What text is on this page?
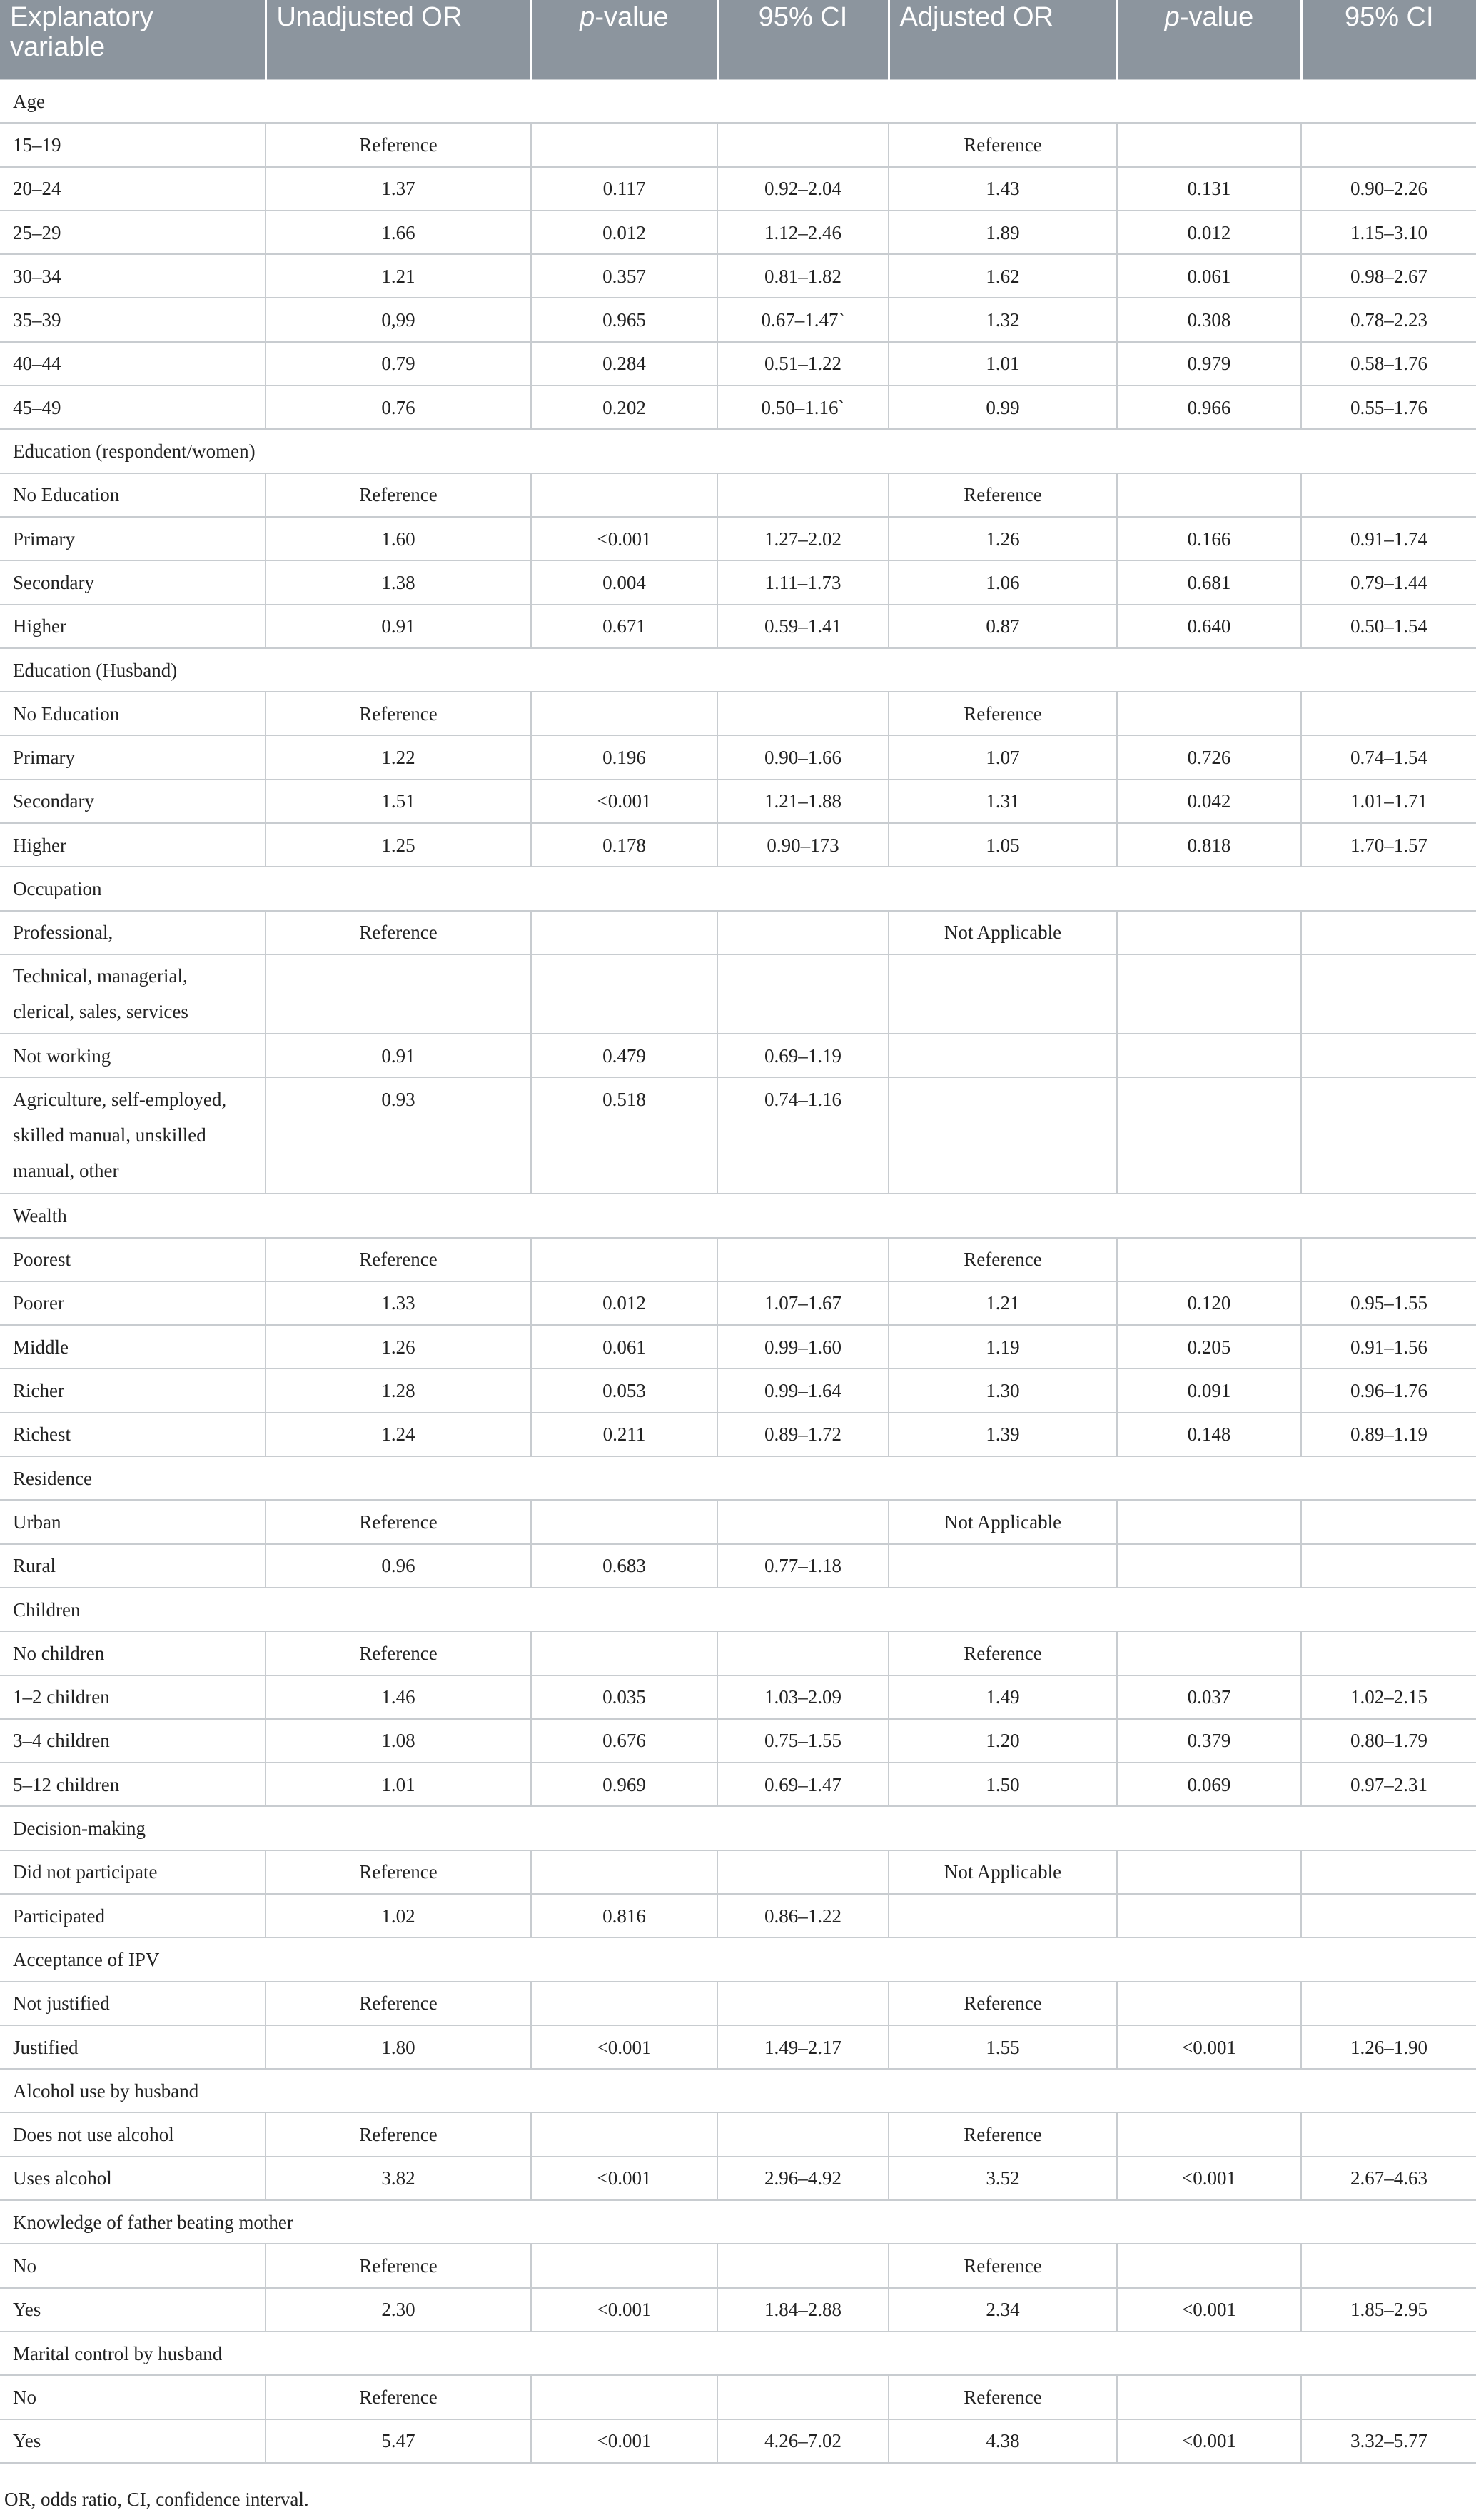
Explanatory variable	Unadjusted OR	p-value	95% CI	Adjusted OR	p-value	95% CI
Age						
15–19	Reference			Reference		
20–24	1.37	0.117	0.92–2.04	1.43	0.131	0.90–2.26
25–29	1.66	0.012	1.12–2.46	1.89	0.012	1.15–3.10
30–34	1.21	0.357	0.81–1.82	1.62	0.061	0.98–2.67
35–39	0,99	0.965	0.67–1.47`	1.32	0.308	0.78–2.23
40–44	0.79	0.284	0.51–1.22	1.01	0.979	0.58–1.76
45–49	0.76	0.202	0.50–1.16`	0.99	0.966	0.55–1.76
Education (respondent/women)						
No Education	Reference			Reference		
Primary	1.60	<0.001	1.27–2.02	1.26	0.166	0.91–1.74
Secondary	1.38	0.004	1.11–1.73	1.06	0.681	0.79–1.44
Higher	0.91	0.671	0.59–1.41	0.87	0.640	0.50–1.54
Education (Husband)						
No Education	Reference			Reference		
Primary	1.22	0.196	0.90–1.66	1.07	0.726	0.74–1.54
Secondary	1.51	<0.001	1.21–1.88	1.31	0.042	1.01–1.71
Higher	1.25	0.178	0.90–173	1.05	0.818	1.70–1.57
Occupation						
Professional,	Reference			Not Applicable		
Technical, managerial, clerical, sales, services						
Not working	0.91	0.479	0.69–1.19			
Agriculture, self-employed, skilled manual, unskilled manual, other	0.93	0.518	0.74–1.16			
Wealth						
Poorest	Reference			Reference		
Poorer	1.33	0.012	1.07–1.67	1.21	0.120	0.95–1.55
Middle	1.26	0.061	0.99–1.60	1.19	0.205	0.91–1.56
Richer	1.28	0.053	0.99–1.64	1.30	0.091	0.96–1.76
Richest	1.24	0.211	0.89–1.72	1.39	0.148	0.89–1.19
Residence						
Urban	Reference			Not Applicable		
Rural	0.96	0.683	0.77–1.18			
Children						
No children	Reference			Reference		
1–2 children	1.46	0.035	1.03–2.09	1.49	0.037	1.02–2.15
3–4 children	1.08	0.676	0.75–1.55	1.20	0.379	0.80–1.79
5–12 children	1.01	0.969	0.69–1.47	1.50	0.069	0.97–2.31
Decision-making						
Did not participate	Reference			Not Applicable		
Participated	1.02	0.816	0.86–1.22			
Acceptance of IPV						
Not justified	Reference			Reference		
Justified	1.80	<0.001	1.49–2.17	1.55	<0.001	1.26–1.90
Alcohol use by husband						
Does not use alcohol	Reference			Reference		
Uses alcohol	3.82	<0.001	2.96–4.92	3.52	<0.001	2.67–4.63
Knowledge of father beating mother						
No	Reference			Reference		
Yes	2.30	<0.001	1.84–2.88	2.34	<0.001	1.85–2.95
Marital control by husband						
No	Reference			Reference		
Yes	5.47	<0.001	4.26–7.02	4.38	<0.001	3.32–5.77
OR, odds ratio, CI, confidence interval.
